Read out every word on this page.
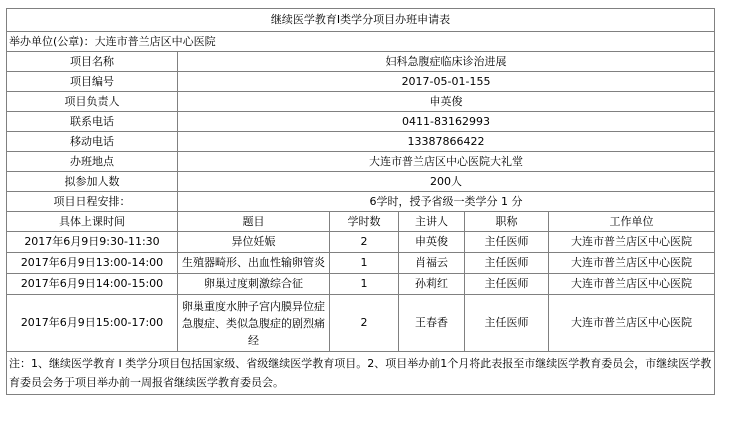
继续医学教育I类学分项目办班申请表					
举办单位(公章)：大连市普兰店区中心医院					
项目名称	妇科急腹症临床诊治进展				
项目编号	2017-05-01-155				
项目负责人	申英俊				
联系电话	0411-83162993				
移动电话	13387866422				
办班地点	大连市普兰店区中心医院大礼堂				
拟参加人数	200人				
项目日程安排：	6学时，授予省级一类学分 1 分				
具体上课时间	题目	学时数	主讲人	职称	工作单位
2017年6月9日9:30-11:30	异位妊娠	2	申英俊	主任医师	大连市普兰店区中心医院
2017年6月9日13:00-14:00	生殖器畸形、出血性输卵管炎	1	肖福云	主任医师	大连市普兰店区中心医院
2017年6月9日14:00-15:00	卵巢过度刺激综合征	1	孙莉红	主任医师	大连市普兰店区中心医院
2017年6月9日15:00-17:00	卵巢重度水肿子宫内膜异位症急腹症、类似急腹症的剧烈痛经	2	王春香	主任医师	大连市普兰店区中心医院
注：1、继续医学教育 I 类学分项目包括国家级、省级继续医学教育项目。2、项目举办前1个月将此表报至市继续医学教育委员会，市继续医学教育委员会务于项目举办前一周报省继续医学教育委员会。					
